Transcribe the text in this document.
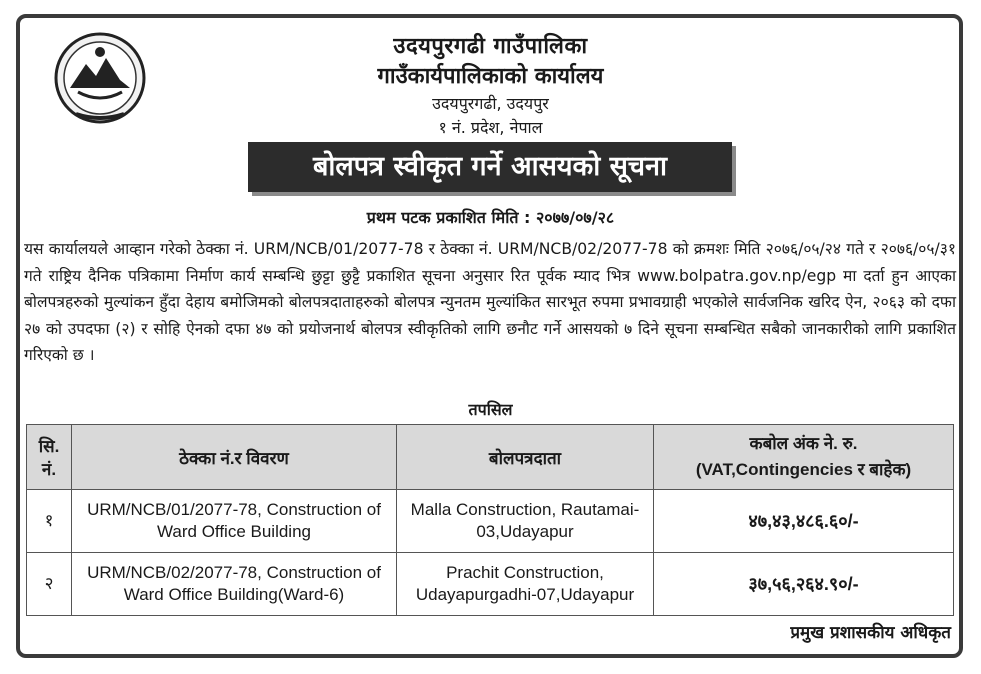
उदयपुरगढी गाउँपालिका
गाउँकार्यपालिकाको कार्यालय
उदयपुरगढी, उदयपुर
१ नं. प्रदेश, नेपाल
बोलपत्र स्वीकृत गर्ने आसयको सूचना
प्रथम पटक प्रकाशित मिति : २०७७/०७/२८
यस कार्यालयले आव्हान गरेको ठेक्का नं. URM/NCB/01/2077-78 र ठेक्का नं. URM/NCB/02/2077-78 को क्रमशः मिति २०७६/०५/२४ गते र २०७६/०५/३१ गते राष्ट्रिय दैनिक पत्रिकामा निर्माण कार्य सम्बन्धि छुट्टा छुट्टै प्रकाशित सूचना अनुसार रित पूर्वक म्याद भित्र www.bolpatra.gov.np/egp मा दर्ता हुन आएका बोलपत्रहरुको मुल्यांकन हुँदा देहाय बमोजिमको बोलपत्रदाताहरुको बोलपत्र न्युनतम मुल्यांकित सारभूत रुपमा प्रभावग्राही भएकोले सार्वजनिक खरिद ऐन, २०६३ को दफा २७ को उपदफा (२) र सोहि ऐनको दफा ४७ को प्रयोजनार्थ बोलपत्र स्वीकृतिको लागि छनौट गर्ने आसयको ७ दिने सूचना सम्बन्धित सबैको जानकारीको लागि प्रकाशित गरिएको छ ।
तपसिल
सि. नं.	ठेक्का नं.र विवरण	बोलपत्रदाता	कबोल अंक ने. रु.
(VAT,Contingencies र बाहेक)

१	URM/NCB/01/2077-78, Construction of Ward Office Building	Malla Construction, Rautamai-03,Udayapur	४७,४३,४८६.६०/-
२	URM/NCB/02/2077-78, Construction of Ward Office Building(Ward-6)	Prachit Construction, Udayapurgadhi-07,Udayapur	३७,५६,२६४.९०/-
प्रमुख प्रशासकीय अधिकृत
